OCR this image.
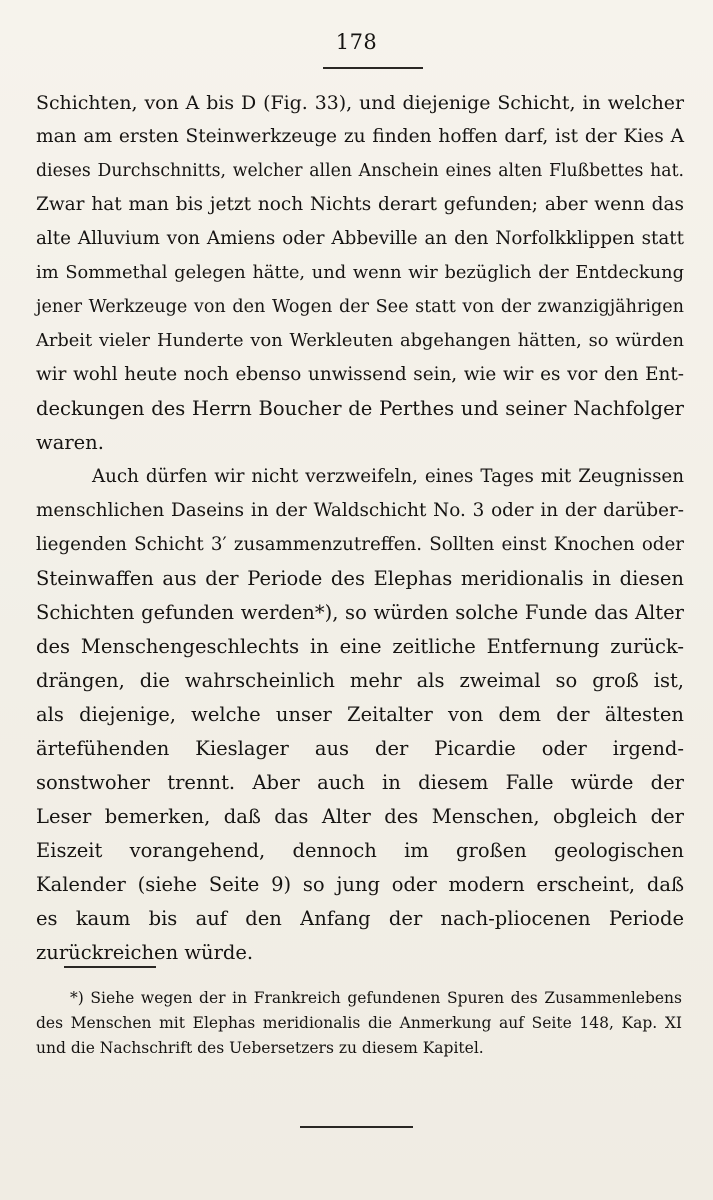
178
Schichten, von A bis D (Fig. 33), und diejenige Schicht, in welcher
man am ersten Steinwerkzeuge zu finden hoffen darf, ist der Kies A
dieses Durchschnitts, welcher allen Anschein eines alten Flußbettes hat.
Zwar hat man bis jetzt noch Nichts derart gefunden; aber wenn das
alte Alluvium von Amiens oder Abbeville an den Norfolkklippen statt
im Sommethal gelegen hätte, und wenn wir bezüglich der Entdeckung
jener Werkzeuge von den Wogen der See statt von der zwanzigjährigen
Arbeit vieler Hunderte von Werkleuten abgehangen hätten, so würden
wir wohl heute noch ebenso unwissend sein, wie wir es vor den Ent-
deckungen des Herrn Boucher de Perthes und seiner Nachfolger
waren.
Auch dürfen wir nicht verzweifeln, eines Tages mit Zeugnissen
menschlichen Daseins in der Waldschicht No. 3 oder in der darüber-
liegenden Schicht 3′ zusammenzutreffen. Sollten einst Knochen oder
Steinwaffen aus der Periode des Elephas meridionalis in diesen
Schichten gefunden werden*), so würden solche Funde das Alter
des Menschengeschlechts in eine zeitliche Entfernung zurück-
drängen, die wahrscheinlich mehr als zweimal so groß ist,
als diejenige, welche unser Zeitalter von dem der ältesten
ärtefühenden Kieslager aus der Picardie oder irgend-
sonstwoher trennt. Aber auch in diesem Falle würde der
Leser bemerken, daß das Alter des Menschen, obgleich der
Eiszeit vorangehend, dennoch im großen geologischen
Kalender (siehe Seite 9) so jung oder modern erscheint, daß
es kaum bis auf den Anfang der nach-pliocenen Periode
zurückreichen würde.
*) Siehe wegen der in Frankreich gefundenen Spuren des Zusammenlebens
des Menschen mit Elephas meridionalis die Anmerkung auf Seite 148, Kap. XI
und die Nachschrift des Uebersetzers zu diesem Kapitel.
